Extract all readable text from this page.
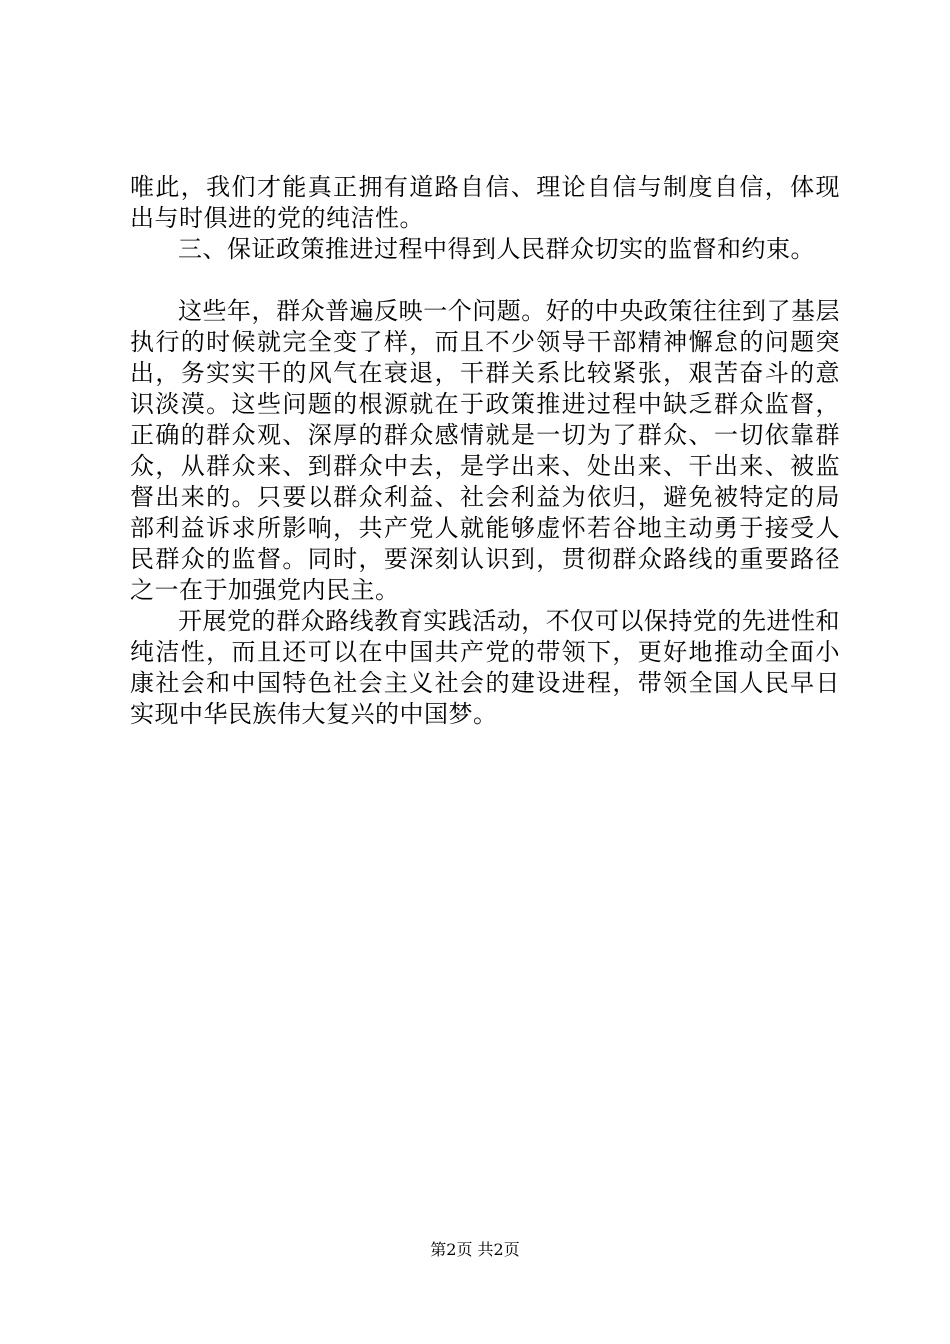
唯此，我们才能真正拥有道路自信、理论自信与制度自信，体现出与时俱进的党的纯洁性。

三、保证政策推进过程中得到人民群众切实的监督和约束。

这些年，群众普遍反映一个问题。好的中央政策往往到了基层执行的时候就完全变了样，而且不少领导干部精神懈怠的问题突出，务实实干的风气在衰退，干群关系比较紧张，艰苦奋斗的意识淡漠。这些问题的根源就在于政策推进过程中缺乏群众监督，正确的群众观、深厚的群众感情就是一切为了群众、一切依靠群众，从群众来、到群众中去，是学出来、处出来、干出来、被监督出来的。只要以群众利益、社会利益为依归，避免被特定的局部利益诉求所影响，共产党人就能够虚怀若谷地主动勇于接受人民群众的监督。同时，要深刻认识到，贯彻群众路线的重要路径之一在于加强党内民主。

开展党的群众路线教育实践活动，不仅可以保持党的先进性和纯洁性，而且还可以在中国共产党的带领下，更好地推动全面小康社会和中国特色社会主义社会的建设进程，带领全国人民早日实现中华民族伟大复兴的中国梦。

第2页 共2页
